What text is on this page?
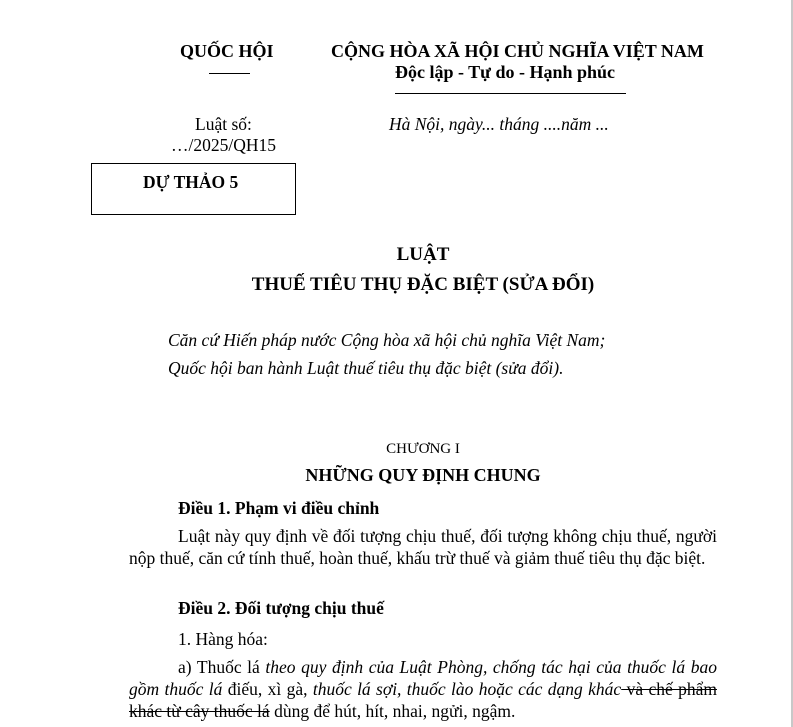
QUỐC HỘI	CỘNG HÒA XÃ HỘI CHỦ NGHĨA VIỆT NAM
Độc lập - Tự do - Hạnh phúc
Luật số:
…/2025/QH15
Hà Nội, ngày... tháng ....năm ...
DỰ THẢO 5
LUẬT
THUẾ TIÊU THỤ ĐẶC BIỆT (SỬA ĐỔI)
Căn cứ Hiến pháp nước Cộng hòa xã hội chủ nghĩa Việt Nam;
Quốc hội ban hành Luật thuế tiêu thụ đặc biệt (sửa đổi).
CHƯƠNG I
NHỮNG QUY ĐỊNH CHUNG
Điều 1. Phạm vi điều chỉnh
Luật này quy định về đối tượng chịu thuế, đối tượng không chịu thuế, người nộp thuế, căn cứ tính thuế, hoàn thuế, khấu trừ thuế và giảm thuế tiêu thụ đặc biệt.
Điều 2. Đối tượng chịu thuế
1. Hàng hóa:
a) Thuốc lá theo quy định của Luật Phòng, chống tác hại của thuốc lá bao gồm thuốc lá điếu, xì gà, thuốc lá sợi, thuốc lào hoặc các dạng khác và chế phẩm khác từ cây thuốc lá dùng để hút, hít, nhai, ngửi, ngậm.
